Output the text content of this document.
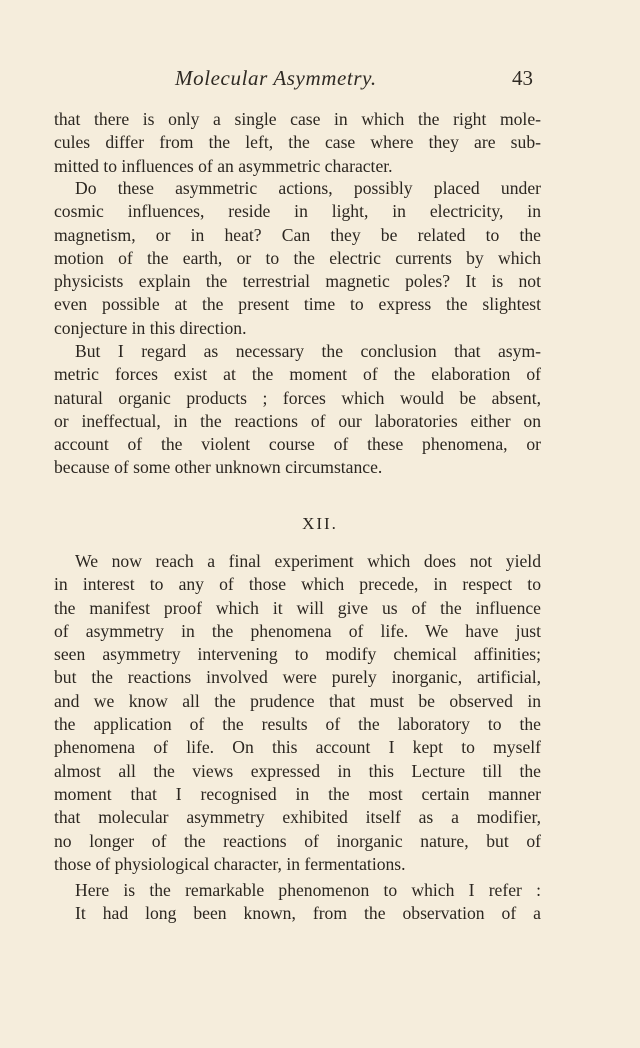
Molecular Asymmetry.	43
that there is only a single case in which the right mole-
cules differ from the left, the case where they are sub-
mitted to influences of an asymmetric character.
Do these asymmetric actions, possibly placed under
cosmic influences, reside in light, in electricity, in
magnetism, or in heat? Can they be related to the
motion of the earth, or to the electric currents by which
physicists explain the terrestrial magnetic poles? It is not
even possible at the present time to express the slightest
conjecture in this direction.
But I regard as necessary the conclusion that asym-
metric forces exist at the moment of the elaboration of
natural organic products ; forces which would be absent,
or ineffectual, in the reactions of our laboratories either on
account of the violent course of these phenomena, or
because of some other unknown circumstance.
XII.
We now reach a final experiment which does not yield
in interest to any of those which precede, in respect to
the manifest proof which it will give us of the influence
of asymmetry in the phenomena of life. We have just
seen asymmetry intervening to modify chemical affinities;
but the reactions involved were purely inorganic, artificial,
and we know all the prudence that must be observed in
the application of the results of the laboratory to the
phenomena of life. On this account I kept to myself
almost all the views expressed in this Lecture till the
moment that I recognised in the most certain manner
that molecular asymmetry exhibited itself as a modifier,
no longer of the reactions of inorganic nature, but of
those of physiological character, in fermentations.
Here is the remarkable phenomenon to which I refer :
It had long been known, from the observation of a
